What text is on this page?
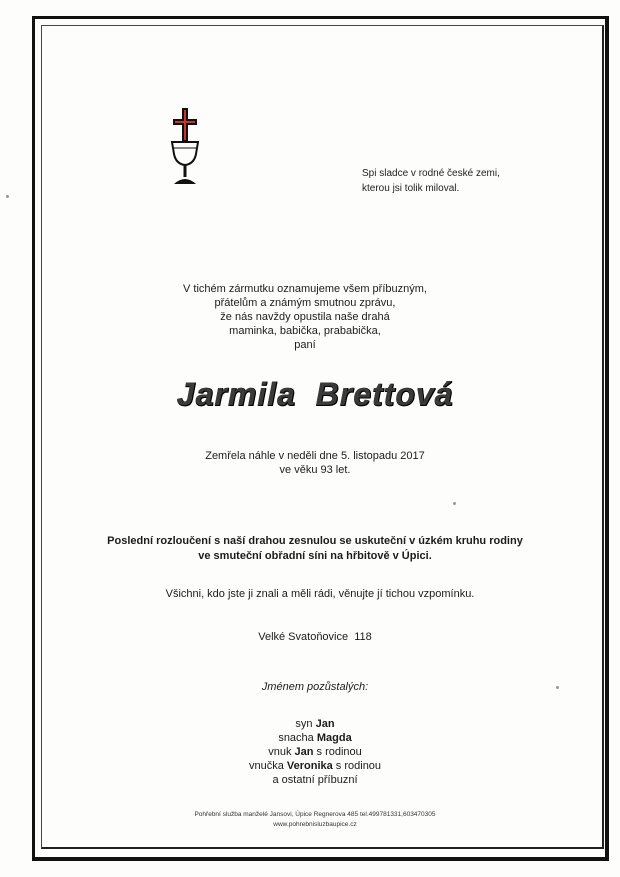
Spi sladce v rodné české zemi,
kterou jsi tolik miloval.
V tichém zármutku oznamujeme všem příbuzným,
přátelům a známým smutnou zprávu,
že nás navždy opustila naše drahá
maminka, babička, prababička,
paní
Jarmila  Brettová
Zemřela náhle v neděli dne 5. listopadu 2017
ve věku 93 let.
Poslední rozloučení s naší drahou zesnulou se uskuteční v úzkém kruhu rodiny
ve smuteční obřadní síni na hřbitově v Úpici.
Všichni, kdo jste ji znali a měli rádi, věnujte jí tichou vzpomínku.
Velké Svatoňovice  118
Jménem pozůstalých:
syn Jan
snacha Magda
vnuk Jan s rodinou
vnučka Veronika s rodinou
a ostatní příbuzní
Pohřební služba manželé Jansovi, Úpice Regnerova 485 tel.499781331,603470305
www.pohrebnisluzbaupice.cz
